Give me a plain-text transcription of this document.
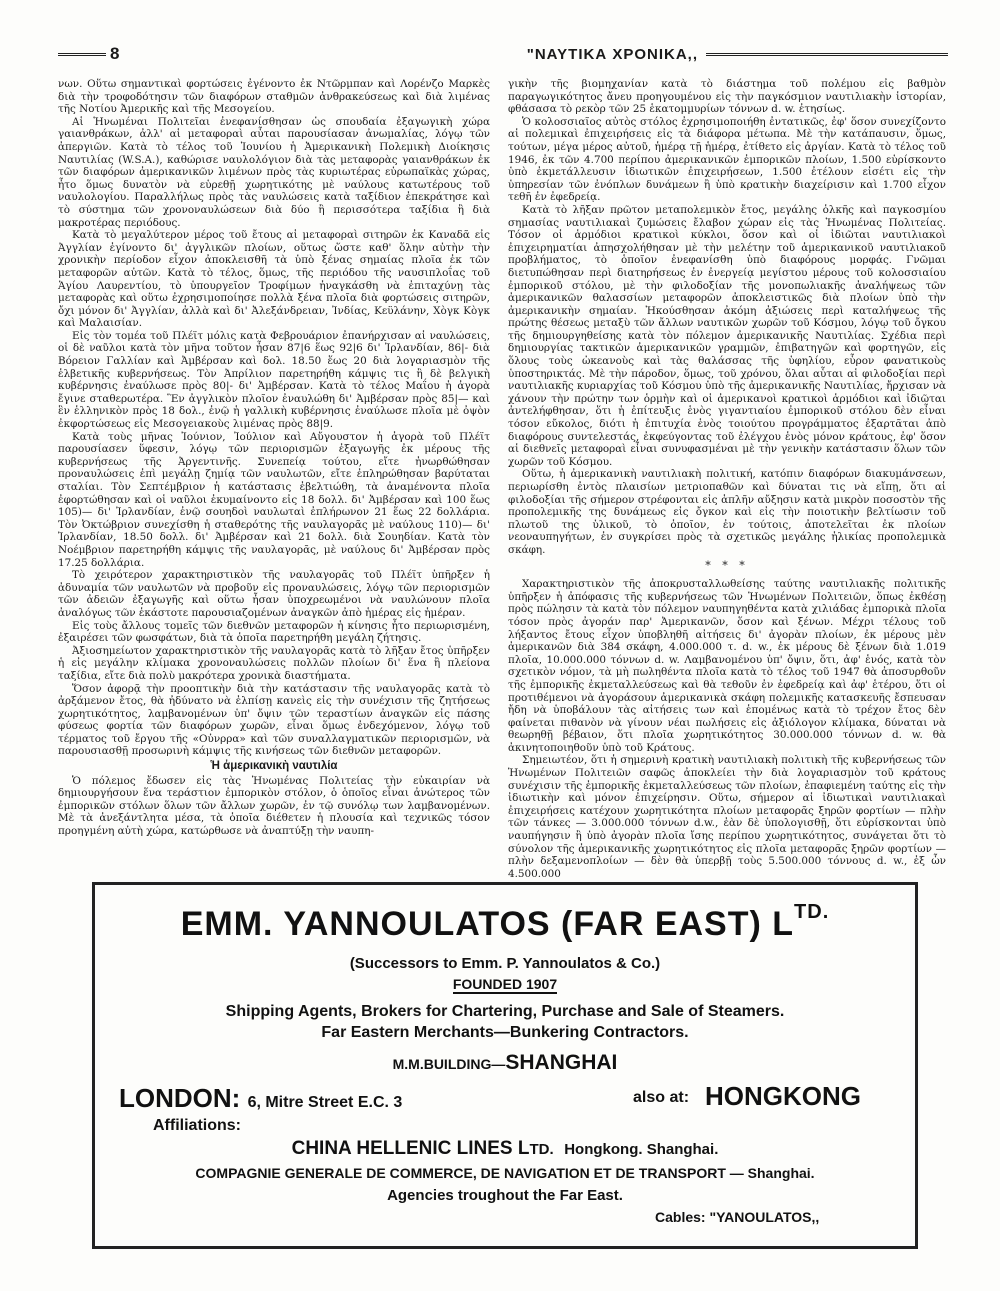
8	"ΝΑΥΤΙΚΑ ΧΡΟΝΙΚΑ,,

νων. Οὕτω σημαντικαὶ φορτώσεις ἐγένοντο ἐκ Ντῶρμπαν καὶ Λορένζο Μαρκὲς διὰ τὴν τροφοδότησιν τῶν διαφόρων σταθμῶν ἀνθρακεύσεως καὶ διὰ λιμένας τῆς Νοτίου Ἀμερικῆς καὶ τῆς Μεσογείου.

Αἱ Ἡνωμέναι Πολιτεῖαι ἐνεφανίσθησαν ὡς σπουδαία ἐξαγωγικὴ χώρα γαιανθράκων, ἀλλ' αἱ μεταφοραὶ αὗται παρουσίασαν ἀνωμαλίας, λόγῳ τῶν ἀπεργιῶν. Κατὰ τὸ τέλος τοῦ Ἰουνίου ἡ Ἀμερικανικὴ Πολεμικὴ Διοίκησις Ναυτιλίας (W.S.A.), καθώρισε ναυλολόγιον διὰ τὰς μεταφορὰς γαιανθράκων ἐκ τῶν διαφόρων ἀμερικανικῶν λιμένων πρὸς τὰς κυριωτέρας εὐρωπαϊκὰς χώρας, ἦτο ὅμως δυνατὸν νὰ εὑρεθῇ χωρητικότης μὲ ναύλους κατωτέρους τοῦ ναυλολογίου. Παραλλήλως πρὸς τὰς ναυλώσεις κατὰ ταξίδιον ἐπεκράτησε καὶ τὸ σύστημα τῶν χρονοναυλώσεων διὰ δύο ἢ περισσότερα ταξίδια ἢ διὰ μακροτέρας περιόδους.

Κατὰ τὸ μεγαλύτερον μέρος τοῦ ἔτους αἱ μεταφοραὶ σιτηρῶν ἐκ Καναδᾶ εἰς Ἀγγλίαν ἐγίνοντο δι' ἀγγλικῶν πλοίων, οὕτως ὥστε καθ' ὅλην αὐτὴν τὴν χρονικὴν περίοδον εἶχον ἀποκλεισθῆ τὰ ὑπὸ ξένας σημαίας πλοῖα ἐκ τῶν μεταφορῶν αὐτῶν. Κατὰ τὸ τέλος, ὅμως, τῆς περιόδου τῆς ναυσιπλοΐας τοῦ Ἁγίου Λαυρεντίου, τὸ ὑπουργεῖον Τροφίμων ἠναγκάσθη νὰ ἐπιταχύνῃ τὰς μεταφορὰς καὶ οὕτω ἐχρησιμοποίησε πολλὰ ξένα πλοῖα διὰ φορτώσεις σιτηρῶν, ὄχι μόνον δι' Ἀγγλίαν, ἀλλὰ καὶ δι' Ἀλεξάνδρειαν, Ἰνδίας, Κεϋλάνην, Χὸγκ Κὸγκ καὶ Μαλαισίαν.

Εἰς τὸν τομέα τοῦ Πλέϊτ μόλις κατὰ Φεβρουάριον ἐπανήρχισαν αἱ ναυλώσεις, οἱ δὲ ναῦλοι κατὰ τὸν μῆνα τοῦτον ἦσαν 87|6 ἕως 92|6 δι' Ἰρλανδίαν, 86|- διὰ Βόρειον Γαλλίαν καὶ Ἀμβέρσαν καὶ δολ. 18.50 ἕως 20 διὰ λογαριασμὸν τῆς ἑλβετικῆς κυβερνήσεως. Τὸν Ἀπρίλιον παρετηρήθη κάμψις τις ἢ δὲ βελγικὴ κυβέρνησις ἐναύλωσε πρὸς 80|- δι' Ἀμβέρσαν. Κατὰ τὸ τέλος Μαΐου ἡ ἀγορὰ ἔγινε σταθερωτέρα. Ἓν ἀγγλικὸν πλοῖον ἐναυλώθη δι' Ἀμβέρσαν πρὸς 85|— καὶ ἓν ἑλληνικὸν πρὸς 18 δολ., ἐνῷ ἡ γαλλικὴ κυβέρνησις ἐναύλωσε πλοῖα μὲ ὀψὸν ἐκφορτώσεως εἰς Μεσογειακοὺς λιμένας πρὸς 88|9.

Κατὰ τοὺς μῆνας Ἰούνιον, Ἰούλιον καὶ Αὔγουστον ἡ ἀγορὰ τοῦ Πλέϊτ παρουσίασεν ὕφεσιν, λόγῳ τῶν περιορισμῶν ἐξαγωγῆς ἐκ μέρους τῆς κυβερνήσεως τῆς Ἀργεντινῆς. Συνεπείᾳ τούτου, εἴτε ἠνωρθώθησαν προναυλώσεις ἐπὶ μεγάλῃ ζημίᾳ τῶν ναυλωτῶν, εἴτε ἐπληρώθησαν βαρύταται σταλίαι. Τὸν Σεπτέμβριον ἡ κατάστασις ἐβελτιώθη, τὰ ἀναμένοντα πλοῖα ἐφορτώθησαν καὶ οἱ ναῦλοι ἐκυμαίνοντο εἰς 18 δολλ. δι' Ἀμβέρσαν καὶ 100 ἕως 105)— δι' Ἰρλανδίαν, ἐνῷ σουηδοὶ ναυλωταὶ ἐπλήρωνον 21 ἕως 22 δολλάρια. Τὸν Ὀκτώβριον συνεχίσθη ἡ σταθερότης τῆς ναυλαγορᾶς μὲ ναύλους 110)— δι' Ἰρλανδίαν, 18.50 δολλ. δι' Ἀμβέρσαν καὶ 21 δολλ. διὰ Σουηδίαν. Κατὰ τὸν Νοέμβριον παρετηρήθη κάμψις τῆς ναυλαγορᾶς, μὲ ναύλους δι' Ἀμβέρσαν πρὸς 17.25 δολλάρια.

Τὸ χειρότερον χαρακτηριστικὸν τῆς ναυλαγορᾶς τοῦ Πλέϊτ ὑπῆρξεν ἡ ἀδυναμία τῶν ναυλωτῶν νὰ προβοῦν εἰς προναυλώσεις, λόγῳ τῶν περιορισμῶν τῶν ἀδειῶν ἐξαγωγῆς καὶ οὕτω ἦσαν ὑποχρεωμένοι νὰ ναυλώνουν πλοῖα ἀναλόγως τῶν ἑκάστοτε παρουσιαζομένων ἀναγκῶν ἀπὸ ἡμέρας εἰς ἡμέραν.

Εἰς τοὺς ἄλλους τομεῖς τῶν διεθνῶν μεταφορῶν ἡ κίνησις ἦτο περιωρισμένη, ἐξαιρέσει τῶν φωσφάτων, διὰ τὰ ὁποῖα παρετηρήθη μεγάλη ζήτησις.

Ἀξιοσημείωτον χαρακτηριστικὸν τῆς ναυλαγορᾶς κατὰ τὸ λῆξαν ἔτος ὑπῆρξεν ἡ εἰς μεγάλην κλίμακα χρονοναυλώσεις πολλῶν πλοίων δι' ἕνα ἢ πλείονα ταξίδια, εἴτε διὰ πολὺ μακρότερα χρονικὰ διαστήματα.

Ὅσον ἀφορᾷ τὴν προοπτικὴν διὰ τὴν κατάστασιν τῆς ναυλαγορᾶς κατὰ τὸ ἀρξάμενον ἔτος, θὰ ἠδύνατο νὰ ἐλπίσῃ κανεὶς εἰς τὴν συνέχισιν τῆς ζητήσεως χωρητικότητος, λαμβανομένων ὑπ' ὄψιν τῶν τεραστίων ἀναγκῶν εἰς πάσης φύσεως φορτία τῶν διαφόρων χωρῶν, εἶναι ὅμως ἐνδεχόμενον, λόγῳ τοῦ τέρματος τοῦ ἔργου τῆς «Οὐνρρα» καὶ τῶν συναλλαγματικῶν περιορισμῶν, νὰ παρουσιασθῇ προσωρινὴ κάμψις τῆς κινήσεως τῶν διεθνῶν μεταφορῶν.

Ἡ ἀμερικανικὴ ναυτιλία

Ὁ πόλεμος ἔδωσεν εἰς τὰς Ἡνωμένας Πολιτείας τὴν εὐκαιρίαν νὰ δημιουργήσουν ἕνα τεράστιον ἐμπορικὸν στόλον, ὁ ὁποῖος εἶναι ἀνώτερος τῶν ἐμπορικῶν στόλων ὅλων τῶν ἄλλων χωρῶν, ἐν τῷ συνόλῳ των λαμβανομένων. Μὲ τὰ ἀνεξάντλητα μέσα, τὰ ὁποῖα διέθετεν ἡ πλουσία καὶ τεχνικῶς τόσον προηγμένη αὐτὴ χώρα, κατώρθωσε νὰ ἀναπτύξῃ τὴν ναυπη-

γικὴν τῆς βιομηχανίαν κατὰ τὸ διάστημα τοῦ πολέμου εἰς βαθμὸν παραγωγικότητος ἄνευ προηγουμένου εἰς τὴν παγκόσμιον ναυτιλιακὴν ἱστορίαν, φθάσασα τὸ ρεκὸρ τῶν 25 ἑκατομμυρίων τόννων d. w. ἐτησίως.

Ὁ κολοσσιαῖος αὐτὸς στόλος ἐχρησιμοποιήθη ἐντατικῶς, ἐφ' ὅσον συνεχίζοντο αἱ πολεμικαὶ ἐπιχειρήσεις εἰς τὰ διάφορα μέτωπα. Μὲ τὴν κατάπαυσιν, ὅμως, τούτων, μέγα μέρος αὐτοῦ, ἡμέρᾳ τῇ ἡμέρᾳ, ἐτίθετο εἰς ἀργίαν. Κατὰ τὸ τέλος τοῦ 1946, ἐκ τῶν 4.700 περίπου ἀμερικανικῶν ἐμπορικῶν πλοίων, 1.500 εὑρίσκοντο ὑπὸ ἐκμετάλλευσιν ἰδιωτικῶν ἐπιχειρήσεων, 1.500 ἐτέλουν εἰσέτι εἰς τὴν ὑπηρεσίαν τῶν ἐνόπλων δυνάμεων ἢ ὑπὸ κρατικὴν διαχείρισιν καὶ 1.700 εἶχον τεθῆ ἐν ἐφεδρείᾳ.

Κατὰ τὸ λῆξαν πρῶτον μεταπολεμικὸν ἔτος, μεγάλης ὁλκῆς καὶ παγκοσμίου σημασίας ναυτιλιακαὶ ζυμώσεις ἔλαβον χώραν εἰς τὰς Ἡνωμένας Πολιτείας. Τόσον οἱ ἁρμόδιοι κρατικοὶ κύκλοι, ὅσον καὶ οἱ ἰδιῶται ναυτιλιακοὶ ἐπιχειρηματίαι ἀπησχολήθησαν μὲ τὴν μελέτην τοῦ ἀμερικανικοῦ ναυτιλιακοῦ προβλήματος, τὸ ὁποῖον ἐνεφανίσθη ὑπὸ διαφόρους μορφάς. Γνῶμαι διετυπώθησαν περὶ διατηρήσεως ἐν ἐνεργείᾳ μεγίστου μέρους τοῦ κολοσσιαίου ἐμπορικοῦ στόλου, μὲ τὴν φιλοδοξίαν τῆς μονοπωλιακῆς ἀναλήψεως τῶν ἀμερικανικῶν θαλασσίων μεταφορῶν ἀποκλειστικῶς διὰ πλοίων ὑπὸ τὴν ἀμερικανικὴν σημαίαν. Ἠκούσθησαν ἀκόμη ἀξιώσεις περὶ καταλήψεως τῆς πρώτης θέσεως μεταξὺ τῶν ἄλλων ναυτικῶν χωρῶν τοῦ Κόσμου, λόγῳ τοῦ ὄγκου τῆς δημιουργηθείσης κατὰ τὸν πόλεμον ἀμερικανικῆς Ναυτιλίας. Σχέδια περὶ δημιουργίας τακτικῶν ἀμερικανικῶν γραμμῶν, ἐπιβατηγῶν καὶ φορτηγῶν, εἰς ὅλους τοὺς ὠκεανοὺς καὶ τὰς θαλάσσας τῆς ὑφηλίου, εὗρον φανατικοὺς ὑποστηρικτάς. Μὲ τὴν πάροδον, ὅμως, τοῦ χρόνου, ὅλαι αὗται αἱ φιλοδοξίαι περὶ ναυτιλιακῆς κυριαρχίας τοῦ Κόσμου ὑπὸ τῆς ἀμερικανικῆς Ναυτιλίας, ἤρχισαν νὰ χάνουν τὴν πρώτην των ὁρμὴν καὶ οἱ ἀμερικανοὶ κρατικοὶ ἁρμόδιοι καὶ ἰδιῶται ἀντελήφθησαν, ὅτι ἡ ἐπίτευξις ἑνὸς γιγαντιαίου ἐμπορικοῦ στόλου δὲν εἶναι τόσον εὔκολος, διότι ἡ ἐπιτυχία ἑνὸς τοιούτου προγράμματος ἐξαρτᾶται ἀπὸ διαφόρους συντελεστάς, ἐκφεύγοντας τοῦ ἐλέγχου ἑνὸς μόνον κράτους, ἐφ' ὅσον αἱ διεθνεῖς μεταφοραὶ εἶναι συνυφασμέναι μὲ τὴν γενικὴν κατάστασιν ὅλων τῶν χωρῶν τοῦ Κόσμου.

Οὕτω, ἡ ἀμερικανικὴ ναυτιλιακὴ πολιτική, κατόπιν διαφόρων διακυμάνσεων, περιωρίσθη ἐντὸς πλαισίων μετριοπαθῶν καὶ δύναται τις νὰ εἴπῃ, ὅτι αἱ φιλοδοξίαι τῆς σήμερον στρέφονται εἰς ἁπλῆν αὔξησιν κατὰ μικρὸν ποσοστὸν τῆς προπολεμικῆς της δυνάμεως εἰς ὄγκον καὶ εἰς τὴν ποιοτικὴν βελτίωσιν τοῦ πλωτοῦ της ὑλικοῦ, τὸ ὁποῖον, ἐν τούτοις, ἀποτελεῖται ἐκ πλοίων νεοναυπηγήτων, ἐν συγκρίσει πρὸς τὰ σχετικῶς μεγάλης ἡλικίας προπολεμικὰ σκάφη.

* * *

Χαρακτηριστικὸν τῆς ἀποκρυσταλλωθείσης ταύτης ναυτιλιακῆς πολιτικῆς ὑπῆρξεν ἡ ἀπόφασις τῆς κυβερνήσεως τῶν Ἡνωμένων Πολιτειῶν, ὅπως ἐκθέσῃ πρὸς πώλησιν τὰ κατὰ τὸν πόλεμον ναυπηγηθέντα κατὰ χιλιάδας ἐμπορικὰ πλοῖα τόσον πρὸς ἀγοράν παρ' Ἀμερικανῶν, ὅσον καὶ ξένων. Μέχρι τέλους τοῦ λήξαντος ἔτους εἶχον ὑποβληθῆ αἰτήσεις δι' ἀγορὰν πλοίων, ἐκ μέρους μὲν ἀμερικανῶν διὰ 384 σκάφη, 4.000.000 τ. d. w., ἐκ μέρους δὲ ξένων διὰ 1.019 πλοῖα, 10.000.000 τόννων d. w. Λαμβανομένου ὑπ' ὄψιν, ὅτι, ἀφ' ἑνός, κατὰ τὸν σχετικὸν νόμον, τὰ μὴ πωληθέντα πλοῖα κατὰ τὸ τέλος τοῦ 1947 θὰ ἀποσυρθοῦν τῆς ἐμπορικῆς ἐκμεταλλεύσεως καὶ θὰ τεθοῦν ἐν ἐφεδρείᾳ καὶ ἀφ' ἑτέρου, ὅτι οἱ προτιθέμενοι νὰ ἀγοράσουν ἀμερικανικὰ σκάφη πολεμικῆς κατασκευῆς ἔσπευσαν ἤδη νὰ ὑποβάλουν τὰς αἰτήσεις των καὶ ἑπομένως κατὰ τὸ τρέχον ἔτος δὲν φαίνεται πιθανὸν νὰ γίνουν νέαι πωλήσεις εἰς ἀξιόλογον κλίμακα, δύναται νὰ θεωρηθῇ βέβαιον, ὅτι πλοῖα χωρητικότητος 30.000.000 τόννων d. w. θὰ ἀκινητοποιηθοῦν ὑπὸ τοῦ Κράτους.

Σημειωτέον, ὅτι ἡ σημερινὴ κρατικὴ ναυτιλιακὴ πολιτικὴ τῆς κυβερνήσεως τῶν Ἡνωμένων Πολιτειῶν σαφῶς ἀποκλείει τὴν διὰ λογαριασμὸν τοῦ κράτους συνέχισιν τῆς ἐμπορικῆς ἐκμεταλλεύσεως τῶν πλοίων, ἐπαφιεμένη ταύτης εἰς τὴν ἰδιωτικὴν καὶ μόνον ἐπιχείρησιν. Οὕτω, σήμερον αἱ ἰδιωτικαὶ ναυτιλιακαὶ ἐπιχειρήσεις κατέχουν χωρητικότητα πλοίων μεταφορᾶς ξηρῶν φορτίων — πλὴν τῶν τάνκες — 3.000.000 τόννων d.w., ἐὰν δὲ ὑπολογισθῇ, ὅτι εὑρίσκονται ὑπὸ ναυπήγησιν ἢ ὑπὸ ἀγορὰν πλοῖα ἴσης περίπου χωρητικότητος, συνάγεται ὅτι τὸ σύνολον τῆς ἀμερικανικῆς χωρητικότητος εἰς πλοῖα μεταφορᾶς ξηρῶν φορτίων — πλὴν δεξαμενοπλοίων — δὲν θὰ ὑπερβῇ τοὺς 5.500.000 τόννους d. w., ἐξ ὧν 4.500.000

EMM. YANNOULATOS (FAR EAST) $L^{TD.}$
(Successors to Emm. P. Yannoulatos & Co.)
FOUNDED 1907
Shipping Agents, Brokers for Chartering, Purchase and Sale of Steamers.
Far Eastern Merchants—Bunkering Contractors.
M.M.BUILDING—SHANGHAI
LONDON: 6, Mitre Street E.C. 3	also at: HONGKONG
Affiliations:
CHINA HELLENIC LINES LTD. Hongkong. Shanghai.
COMPAGNIE GENERALE DE COMMERCE, DE NAVIGATION ET DE TRANSPORT — Shanghai.
Agencies troughout the Far East.
Cables: "YANOULATOS,,
